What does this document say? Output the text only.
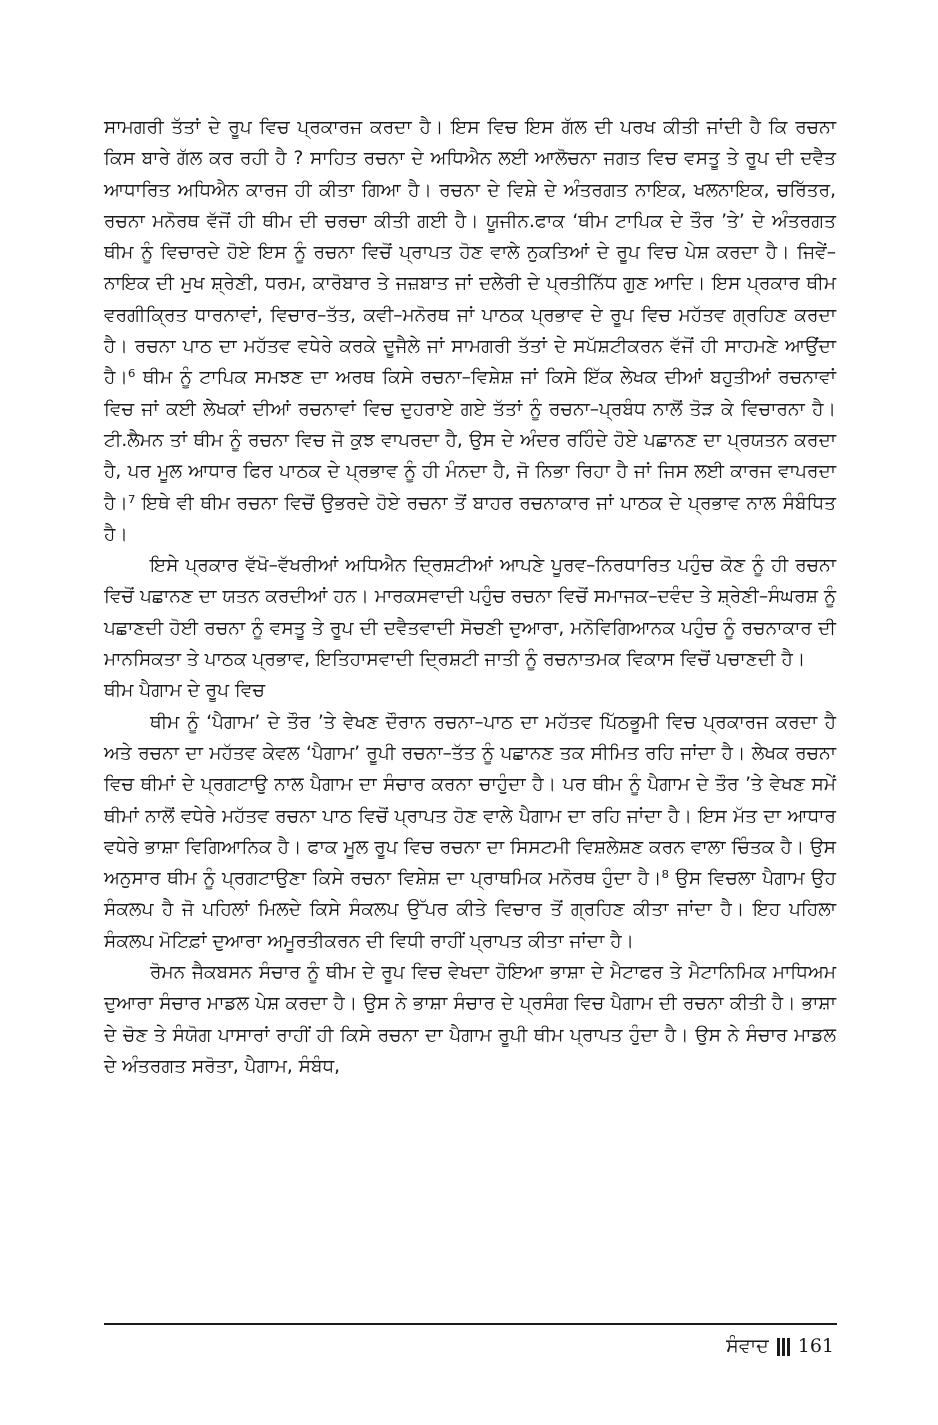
ਸਾਮਗਰੀ ਤੱਤਾਂ ਦੇ ਰੂਪ ਵਿਚ ਪ੍ਰਕਾਰਜ ਕਰਦਾ ਹੈ। ਇਸ ਵਿਚ ਇਸ ਗੱਲ ਦੀ ਪਰਖ ਕੀਤੀ ਜਾਂਦੀ ਹੈ ਕਿ ਰਚਨਾ ਕਿਸ ਬਾਰੇ ਗੱਲ ਕਰ ਰਹੀ ਹੈ ? ਸਾਹਿਤ ਰਚਨਾ ਦੇ ਅਧਿਐਨ ਲਈ ਆਲੋਚਨਾ ਜਗਤ ਵਿਚ ਵਸਤੂ ਤੇ ਰੂਪ ਦੀ ਦਵੈਤ ਆਧਾਰਿਤ ਅਧਿਐਨ ਕਾਰਜ ਹੀ ਕੀਤਾ ਗਿਆ ਹੈ। ਰਚਨਾ ਦੇ ਵਿਸ਼ੇ ਦੇ ਅੰਤਰਗਤ ਨਾਇਕ, ਖਲਨਾਇਕ, ਚਰਿੱਤਰ, ਰਚਨਾ ਮਨੋਰਥ ਵੱਜੋਂ ਹੀ ਥੀਮ ਦੀ ਚਰਚਾ ਕੀਤੀ ਗਈ ਹੈ। ਯੂਜੀਨ.ਫਾਕ ‘ਥੀਮ ਟਾਪਿਕ ਦੇ ਤੌਰ ’ਤੇ’ ਦੇ ਅੰਤਰਗਤ ਥੀਮ ਨੂੰ ਵਿਚਾਰਦੇ ਹੋਏ ਇਸ ਨੂੰ ਰਚਨਾ ਵਿਚੋਂ ਪ੍ਰਾਪਤ ਹੋਣ ਵਾਲੇ ਨੁਕਤਿਆਂ ਦੇ ਰੂਪ ਵਿਚ ਪੇਸ਼ ਕਰਦਾ ਹੈ। ਜਿਵੇਂ–ਨਾਇਕ ਦੀ ਮੁਖ ਸ਼੍ਰੇਣੀ, ਧਰਮ, ਕਾਰੋਬਾਰ ਤੇ ਜਜ਼ਬਾਤ ਜਾਂ ਦਲੇਰੀ ਦੇ ਪ੍ਰਤੀਨਿੱਧ ਗੁਣ ਆਦਿ। ਇਸ ਪ੍ਰਕਾਰ ਥੀਮ ਵਰਗੀਕ੍ਰਿਤ ਧਾਰਨਾਵਾਂ, ਵਿਚਾਰ–ਤੱਤ, ਕਵੀ–ਮਨੋਰਥ ਜਾਂ ਪਾਠਕ ਪ੍ਰਭਾਵ ਦੇ ਰੂਪ ਵਿਚ ਮਹੱਤਵ ਗ੍ਰਹਿਣ ਕਰਦਾ ਹੈ। ਰਚਨਾ ਪਾਠ ਦਾ ਮਹੱਤਵ ਵਧੇਰੇ ਕਰਕੇ ਦੂਜੈਲੇ ਜਾਂ ਸਾਮਗਰੀ ਤੱਤਾਂ ਦੇ ਸਪੱਸ਼ਟੀਕਰਨ ਵੱਜੋਂ ਹੀ ਸਾਹਮਣੇ ਆਉਂਦਾ ਹੈ।⁶ ਥੀਮ ਨੂੰ ਟਾਪਿਕ ਸਮਝਣ ਦਾ ਅਰਥ ਕਿਸੇ ਰਚਨਾ–ਵਿਸ਼ੇਸ਼ ਜਾਂ ਕਿਸੇ ਇੱਕ ਲੇਖਕ ਦੀਆਂ ਬਹੁਤੀਆਂ ਰਚਨਾਵਾਂ ਵਿਚ ਜਾਂ ਕਈ ਲੇਖਕਾਂ ਦੀਆਂ ਰਚਨਾਵਾਂ ਵਿਚ ਦੁਹਰਾਏ ਗਏ ਤੱਤਾਂ ਨੂੰ ਰਚਨਾ–ਪ੍ਰਬੰਧ ਨਾਲੋਂ ਤੋੜ ਕੇ ਵਿਚਾਰਨਾ ਹੈ। ਟੀ.ਲੈਮਨ ਤਾਂ ਥੀਮ ਨੂੰ ਰਚਨਾ ਵਿਚ ਜੋ ਕੁਝ ਵਾਪਰਦਾ ਹੈ, ਉਸ ਦੇ ਅੰਦਰ ਰਹਿੰਦੇ ਹੋਏ ਪਛਾਨਣ ਦਾ ਪ੍ਰਯਤਨ ਕਰਦਾ ਹੈ, ਪਰ ਮੂਲ ਆਧਾਰ ਫਿਰ ਪਾਠਕ ਦੇ ਪ੍ਰਭਾਵ ਨੂੰ ਹੀ ਮੰਨਦਾ ਹੈ, ਜੋ ਨਿਭਾ ਰਿਹਾ ਹੈ ਜਾਂ ਜਿਸ ਲਈ ਕਾਰਜ ਵਾਪਰਦਾ ਹੈ।⁷ ਇਥੇ ਵੀ ਥੀਮ ਰਚਨਾ ਵਿਚੋਂ ਉਭਰਦੇ ਹੋਏ ਰਚਨਾ ਤੋਂ ਬਾਹਰ ਰਚਨਾਕਾਰ ਜਾਂ ਪਾਠਕ ਦੇ ਪ੍ਰਭਾਵ ਨਾਲ ਸੰਬੰਧਿਤ ਹੈ।

ਇਸੇ ਪ੍ਰਕਾਰ ਵੱਖੋ–ਵੱਖਰੀਆਂ ਅਧਿਐਨ ਦ੍ਰਿਸ਼ਟੀਆਂ ਆਪਣੇ ਪੂਰਵ–ਨਿਰਧਾਰਿਤ ਪਹੁੰਚ ਕੋਣ ਨੂੰ ਹੀ ਰਚਨਾ ਵਿਚੋਂ ਪਛਾਨਣ ਦਾ ਯਤਨ ਕਰਦੀਆਂ ਹਨ। ਮਾਰਕਸਵਾਦੀ ਪਹੁੰਚ ਰਚਨਾ ਵਿਚੋਂ ਸਮਾਜਕ–ਦਵੰਦ ਤੇ ਸ਼੍ਰੇਣੀ–ਸੰਘਰਸ਼ ਨੂੰ ਪਛਾਣਦੀ ਹੋਈ ਰਚਨਾ ਨੂੰ ਵਸਤੂ ਤੇ ਰੂਪ ਦੀ ਦਵੈਤਵਾਦੀ ਸੋਚਣੀ ਦੁਆਰਾ, ਮਨੋਵਿਗਿਆਨਕ ਪਹੁੰਚ ਨੂੰ ਰਚਨਾਕਾਰ ਦੀ ਮਾਨਸਿਕਤਾ ਤੇ ਪਾਠਕ ਪ੍ਰਭਾਵ, ਇਤਿਹਾਸਵਾਦੀ ਦ੍ਰਿਸ਼ਟੀ ਜਾਤੀ ਨੂੰ ਰਚਨਾਤਮਕ ਵਿਕਾਸ ਵਿਚੋਂ ਪਚਾਣਦੀ ਹੈ।

ਥੀਮ ਪੈਗਾਮ ਦੇ ਰੂਪ ਵਿਚ

ਥੀਮ ਨੂੰ ‘ਪੈਗਾਮ’ ਦੇ ਤੌਰ ’ਤੇ ਵੇਖਣ ਦੌਰਾਨ ਰਚਨਾ–ਪਾਠ ਦਾ ਮਹੱਤਵ ਪਿੱਠਭੂਮੀ ਵਿਚ ਪ੍ਰਕਾਰਜ ਕਰਦਾ ਹੈ ਅਤੇ ਰਚਨਾ ਦਾ ਮਹੱਤਵ ਕੇਵਲ ‘ਪੈਗਾਮ’ ਰੂਪੀ ਰਚਨਾ–ਤੱਤ ਨੂੰ ਪਛਾਨਣ ਤਕ ਸੀਮਿਤ ਰਹਿ ਜਾਂਦਾ ਹੈ। ਲੇਖਕ ਰਚਨਾ ਵਿਚ ਥੀਮਾਂ ਦੇ ਪ੍ਰਗਟਾਉ ਨਾਲ ਪੈਗਾਮ ਦਾ ਸੰਚਾਰ ਕਰਨਾ ਚਾਹੁੰਦਾ ਹੈ। ਪਰ ਥੀਮ ਨੂੰ ਪੈਗਾਮ ਦੇ ਤੌਰ ’ਤੇ ਵੇਖਣ ਸਮੇਂ ਥੀਮਾਂ ਨਾਲੋਂ ਵਧੇਰੇ ਮਹੱਤਵ ਰਚਨਾ ਪਾਠ ਵਿਚੋਂ ਪ੍ਰਾਪਤ ਹੋਣ ਵਾਲੇ ਪੈਗਾਮ ਦਾ ਰਹਿ ਜਾਂਦਾ ਹੈ। ਇਸ ਮੱਤ ਦਾ ਆਧਾਰ ਵਧੇਰੇ ਭਾਸ਼ਾ ਵਿਗਿਆਨਿਕ ਹੈ। ਫਾਕ ਮੂਲ ਰੂਪ ਵਿਚ ਰਚਨਾ ਦਾ ਸਿਸਟਮੀ ਵਿਸ਼ਲੇਸ਼ਣ ਕਰਨ ਵਾਲਾ ਚਿੰਤਕ ਹੈ। ਉਸ ਅਨੁਸਾਰ ਥੀਮ ਨੂੰ ਪ੍ਰਗਟਾਉਣਾ ਕਿਸੇ ਰਚਨਾ ਵਿਸ਼ੇਸ਼ ਦਾ ਪ੍ਰਾਥਮਿਕ ਮਨੋਰਥ ਹੁੰਦਾ ਹੈ।⁸ ਉਸ ਵਿਚਲਾ ਪੈਗਾਮ ਉਹ ਸੰਕਲਪ ਹੈ ਜੋ ਪਹਿਲਾਂ ਮਿਲਦੇ ਕਿਸੇ ਸੰਕਲਪ ਉੱਪਰ ਕੀਤੇ ਵਿਚਾਰ ਤੋਂ ਗ੍ਰਹਿਣ ਕੀਤਾ ਜਾਂਦਾ ਹੈ। ਇਹ ਪਹਿਲਾ ਸੰਕਲਪ ਮੋਟਿਫ਼ਾਂ ਦੁਆਰਾ ਅਮੂਰਤੀਕਰਨ ਦੀ ਵਿਧੀ ਰਾਹੀਂ ਪ੍ਰਾਪਤ ਕੀਤਾ ਜਾਂਦਾ ਹੈ।

ਰੋਮਨ ਜੈਕਬਸਨ ਸੰਚਾਰ ਨੂੰ ਥੀਮ ਦੇ ਰੂਪ ਵਿਚ ਵੇਖਦਾ ਹੋਇਆ ਭਾਸ਼ਾ ਦੇ ਮੈਟਾਫਰ ਤੇ ਮੈਟਾਨਿਮਿਕ ਮਾਧਿਅਮ ਦੁਆਰਾ ਸੰਚਾਰ ਮਾਡਲ ਪੇਸ਼ ਕਰਦਾ ਹੈ। ਉਸ ਨੇ ਭਾਸ਼ਾ ਸੰਚਾਰ ਦੇ ਪ੍ਰਸੰਗ ਵਿਚ ਪੈਗਾਮ ਦੀ ਰਚਨਾ ਕੀਤੀ ਹੈ। ਭਾਸ਼ਾ ਦੇ ਚੋਣ ਤੇ ਸੰਯੋਗ ਪਾਸਾਰਾਂ ਰਾਹੀਂ ਹੀ ਕਿਸੇ ਰਚਨਾ ਦਾ ਪੈਗਾਮ ਰੂਪੀ ਥੀਮ ਪ੍ਰਾਪਤ ਹੁੰਦਾ ਹੈ। ਉਸ ਨੇ ਸੰਚਾਰ ਮਾਡਲ ਦੇ ਅੰਤਰਗਤ ਸਰੋਤਾ, ਪੈਗਾਮ, ਸੰਬੰਧ,

ਸੰਵਾਦ 161
